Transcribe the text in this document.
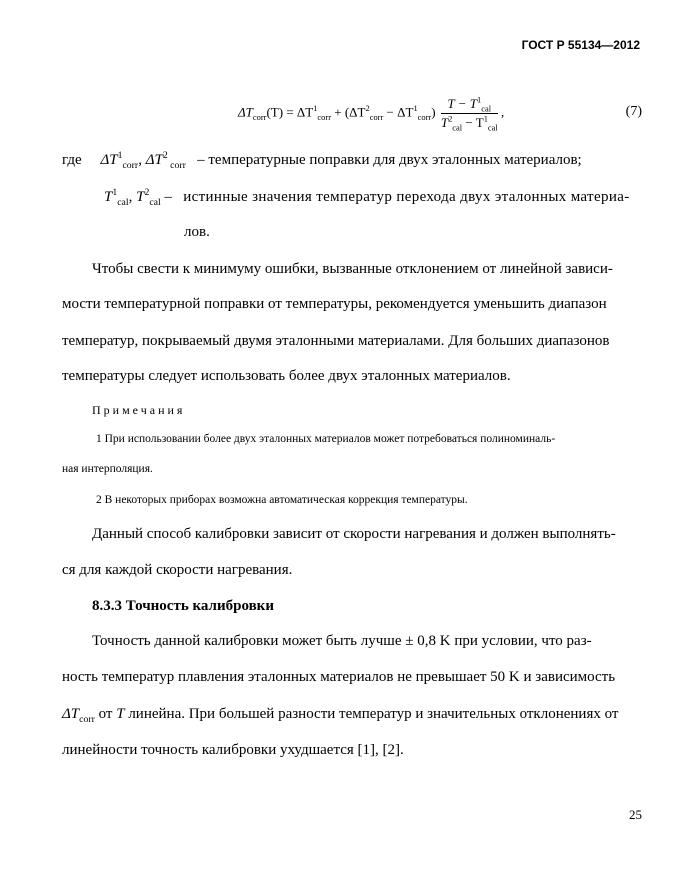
ГОСТ Р 55134—2012
$\Delta T_{corr}(T) = \Delta T^1_{corr} + (\Delta T^2_{corr} - \Delta T^1_{corr}) \frac{T - T^1_{cal}}{T^2_{cal} - T^1_{cal}}$ ,	(7)
где $\Delta T^1_{corr}$, $\Delta T^2$ $_{corr}$ – температурные поправки для двух эталонных материалов;
$T^1_{cal}$, $T^2_{cal}$ – истинные значения температур перехода двух эталонных материа-
лов.
Чтобы свести к минимуму ошибки, вызванные отклонением от линейной зависи-
мости температурной поправки от температуры, рекомендуется уменьшить диапазон
температур, покрываемый двумя эталонными материалами. Для больших диапазонов
температуры следует использовать более двух эталонных материалов.
Примечания
1 При использовании более двух эталонных материалов может потребоваться полиноминаль-
ная интерполяция.
2 В некоторых приборах возможна автоматическая коррекция температуры.
Данный способ калибровки зависит от скорости нагревания и должен выполнять-
ся для каждой скорости нагревания.
8.3.3 Точность калибровки
Точность данной калибровки может быть лучше ± 0,8 K при условии, что раз-
ность температур плавления эталонных материалов не превышает 50 K и зависимость
$\Delta T_{corr}$ от T линейна. При большей разности температур и значительных отклонениях от
линейности точность калибровки ухудшается [1], [2].
25
